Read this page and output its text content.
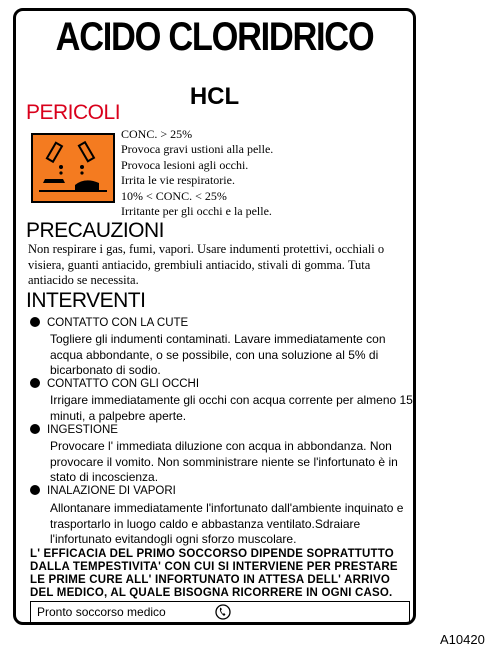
ACIDO CLORIDRICO
HCL
PERICOLI
CONC. > 25%
Provoca gravi ustioni alla pelle.
Provoca lesioni agli occhi.
Irrita le vie respiratorie.
10% < CONC. < 25%
Irritante per gli occhi e la pelle.
PRECAUZIONI
Non respirare i gas, fumi, vapori. Usare indumenti protettivi, occhiali o visiera, guanti antiacido, grembiuli antiacido, stivali di gomma. Tuta antiacido se necessita.
INTERVENTI
CONTATTO CON LA CUTE
Togliere gli indumenti contaminati. Lavare immediatamente con acqua abbondante, o se possibile, con una soluzione al 5% di bicarbonato di sodio.
CONTATTO CON GLI OCCHI
Irrigare immediatamente gli occhi con acqua corrente per almeno 15 minuti, a palpebre aperte.
INGESTIONE
Provocare l' immediata diluzione con acqua in abbondanza. Non provocare il vomito. Non somministrare niente se l'infortunato è in stato di incoscienza.
INALAZIONE DI VAPORI
Allontanare immediatamente l'infortunato dall'ambiente inquinato e trasportarlo in luogo caldo e abbastanza ventilato.Sdraiare l'infortunato evitandogli ogni sforzo muscolare.
L' EFFICACIA DEL PRIMO SOCCORSO DIPENDE SOPRATTUTTO DALLA TEMPESTIVITA' CON CUI SI INTERVIENE PER PRESTARE LE PRIME CURE ALL' INFORTUNATO IN ATTESA DELL' ARRIVO DEL MEDICO, AL QUALE BISOGNA RICORRERE IN OGNI CASO.
Pronto soccorso medico
A10420
